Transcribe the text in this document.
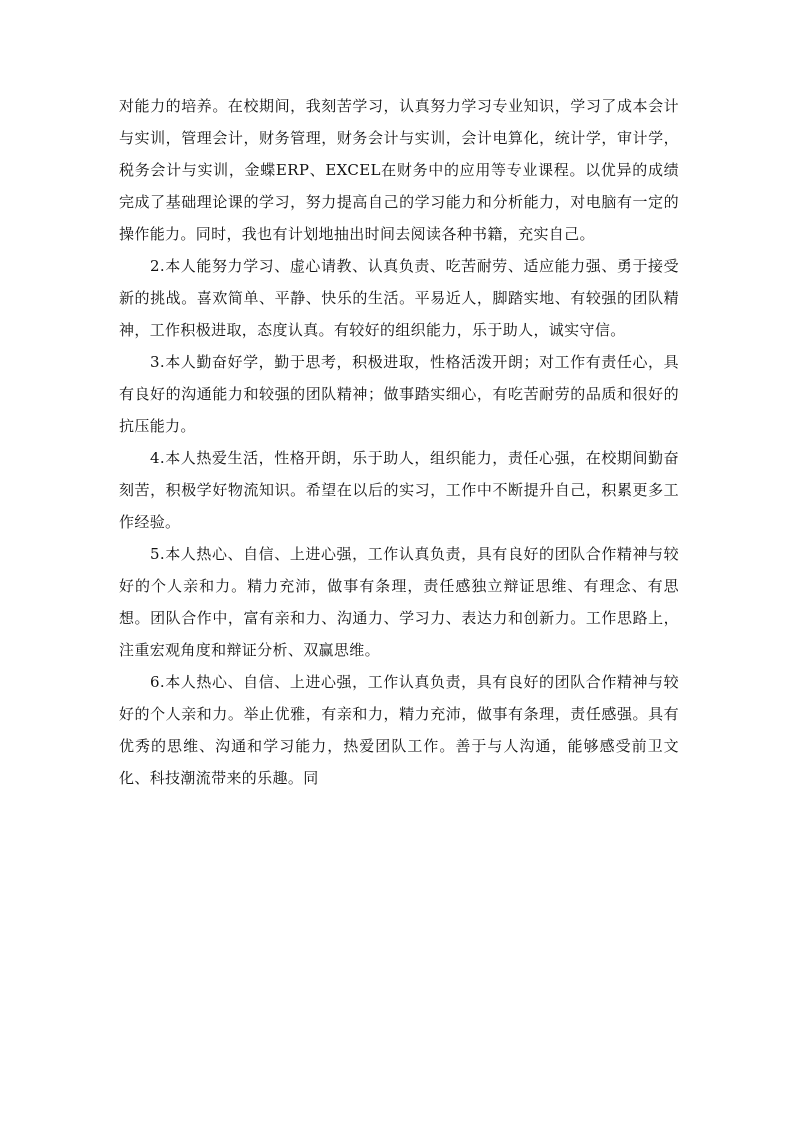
对能力的培养。在校期间，我刻苦学习，认真努力学习专业知识，学习了成本会计与实训，管理会计，财务管理，财务会计与实训，会计电算化，统计学，审计学，税务会计与实训，金蝶ERP、EXCEL在财务中的应用等专业课程。以优异的成绩完成了基础理论课的学习，努力提高自己的学习能力和分析能力，对电脑有一定的操作能力。同时，我也有计划地抽出时间去阅读各种书籍，充实自己。

2.本人能努力学习、虚心请教、认真负责、吃苦耐劳、适应能力强、勇于接受新的挑战。喜欢简单、平静、快乐的生活。平易近人，脚踏实地、有较强的团队精神，工作积极进取，态度认真。有较好的组织能力，乐于助人，诚实守信。

3.本人勤奋好学，勤于思考，积极进取，性格活泼开朗；对工作有责任心，具有良好的沟通能力和较强的团队精神；做事踏实细心，有吃苦耐劳的品质和很好的抗压能力。

4.本人热爱生活，性格开朗，乐于助人，组织能力，责任心强，在校期间勤奋刻苦，积极学好物流知识。希望在以后的实习，工作中不断提升自己，积累更多工作经验。

5.本人热心、自信、上进心强，工作认真负责，具有良好的团队合作精神与较好的个人亲和力。精力充沛，做事有条理，责任感独立辩证思维、有理念、有思想。团队合作中，富有亲和力、沟通力、学习力、表达力和创新力。工作思路上，注重宏观角度和辩证分析、双赢思维。

6.本人热心、自信、上进心强，工作认真负责，具有良好的团队合作精神与较好的个人亲和力。举止优雅，有亲和力，精力充沛，做事有条理，责任感强。具有优秀的思维、沟通和学习能力，热爱团队工作。善于与人沟通，能够感受前卫文化、科技潮流带来的乐趣。同
